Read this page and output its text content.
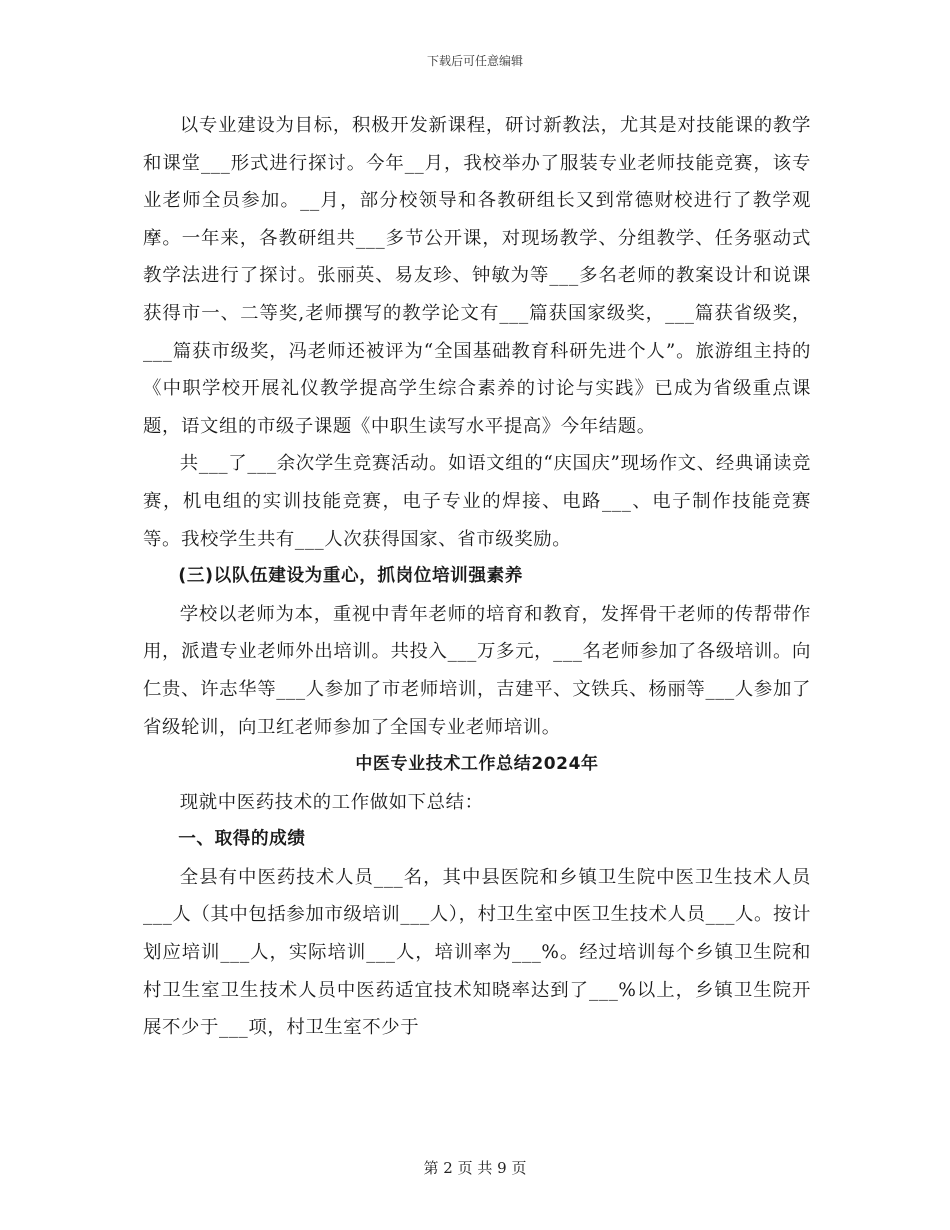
下载后可任意编辑

以专业建设为目标，积极开发新课程，研讨新教法，尤其是对技能课的教学和课堂___形式进行探讨。今年__月，我校举办了服装专业老师技能竞赛，该专业老师全员参加。__月，部分校领导和各教研组长又到常德财校进行了教学观摩。一年来，各教研组共___多节公开课，对现场教学、分组教学、任务驱动式教学法进行了探讨。张丽英、易友珍、钟敏为等___多名老师的教案设计和说课获得市一、二等奖,老师撰写的教学论文有___篇获国家级奖，___篇获省级奖，___篇获市级奖，冯老师还被评为“全国基础教育科研先进个人”。旅游组主持的《中职学校开展礼仪教学提高学生综合素养的讨论与实践》已成为省级重点课题，语文组的市级子课题《中职生读写水平提高》今年结题。

共___了___余次学生竞赛活动。如语文组的“庆国庆”现场作文、经典诵读竞赛，机电组的实训技能竞赛，电子专业的焊接、电路___、电子制作技能竞赛等。我校学生共有___人次获得国家、省市级奖励。

(三)以队伍建设为重心，抓岗位培训强素养

学校以老师为本，重视中青年老师的培育和教育，发挥骨干老师的传帮带作用，派遣专业老师外出培训。共投入___万多元，___名老师参加了各级培训。向仁贵、许志华等___人参加了市老师培训，吉建平、文铁兵、杨丽等___人参加了省级轮训，向卫红老师参加了全国专业老师培训。

中医专业技术工作总结2024年

现就中医药技术的工作做如下总结：

一、取得的成绩

全县有中医药技术人员___名，其中县医院和乡镇卫生院中医卫生技术人员___人（其中包括参加市级培训___人），村卫生室中医卫生技术人员___人。按计划应培训___人，实际培训___人，培训率为___%。经过培训每个乡镇卫生院和村卫生室卫生技术人员中医药适宜技术知晓率达到了___%以上，乡镇卫生院开展不少于___项，村卫生室不少于

第 2 页 共 9 页
